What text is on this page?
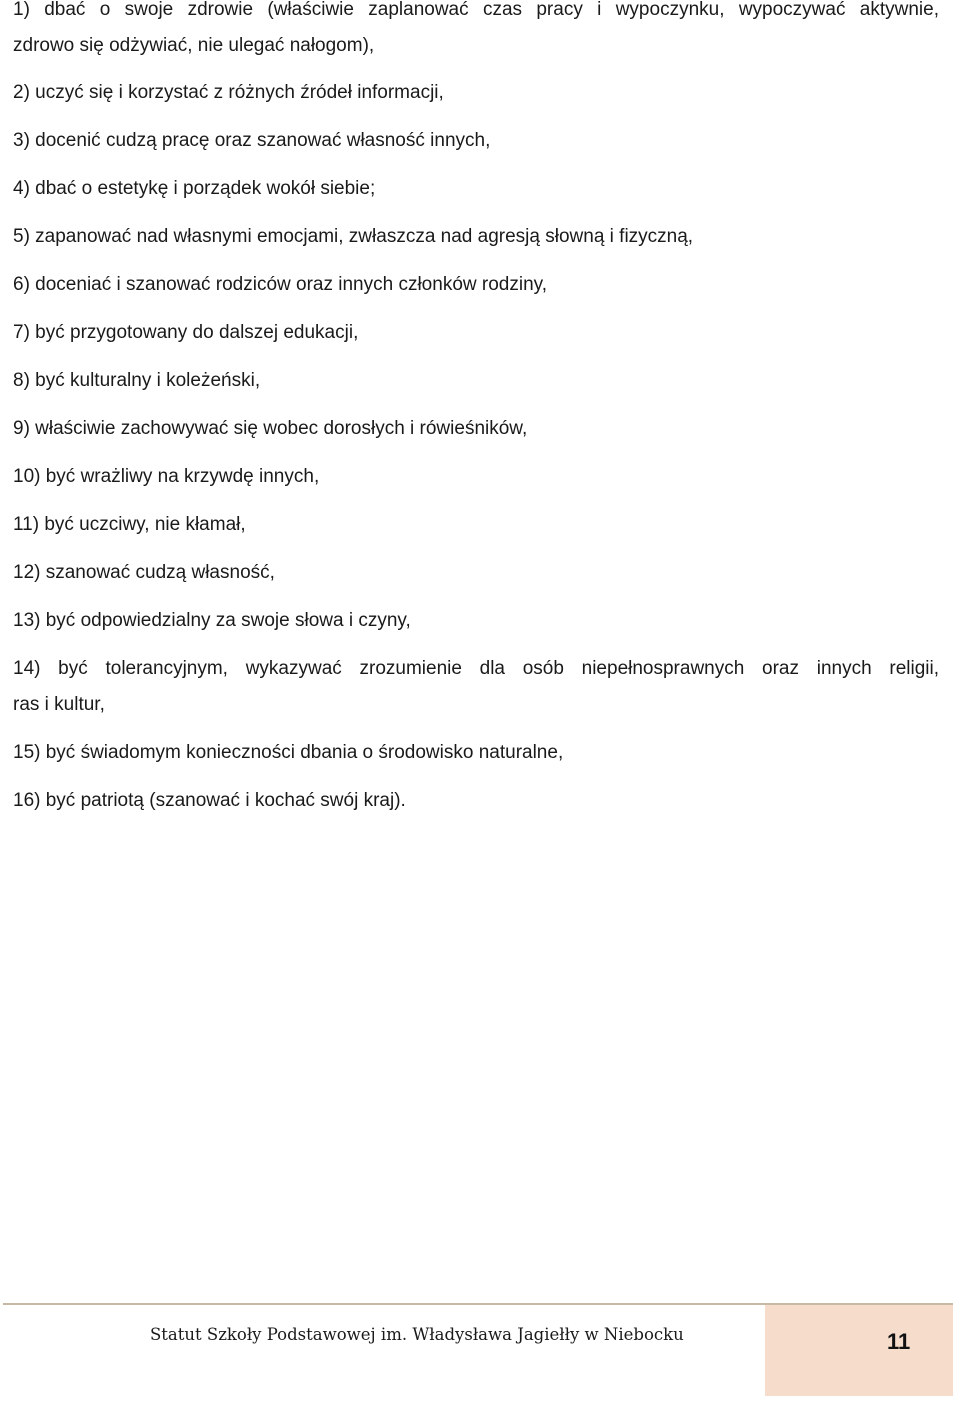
1) dbać o swoje zdrowie (właściwie zaplanować czas pracy i wypoczynku, wypoczywać aktywnie,
zdrowo się odżywiać, nie ulegać nałogom),
2) uczyć się i korzystać z różnych źródeł informacji,
3) docenić cudzą pracę oraz szanować własność innych,
4) dbać o estetykę i porządek wokół siebie;
5) zapanować nad własnymi emocjami, zwłaszcza nad agresją słowną i fizyczną,
6) doceniać i szanować rodziców oraz innych członków rodziny,
7) być przygotowany do dalszej edukacji,
8) być kulturalny i koleżeński,
9) właściwie zachowywać się wobec dorosłych i rówieśników,
10) być wrażliwy na krzywdę innych,
11) być uczciwy, nie kłamał,
12) szanować cudzą własność,
13) być odpowiedzialny za swoje słowa i czyny,
14) być tolerancyjnym, wykazywać zrozumienie dla osób niepełnosprawnych oraz innych religii,
ras i kultur,
15) być świadomym konieczności dbania o środowisko naturalne,
16) być patriotą (szanować i kochać swój kraj).
Statut Szkoły Podstawowej im. Władysława Jagiełły w Niebocku	11
